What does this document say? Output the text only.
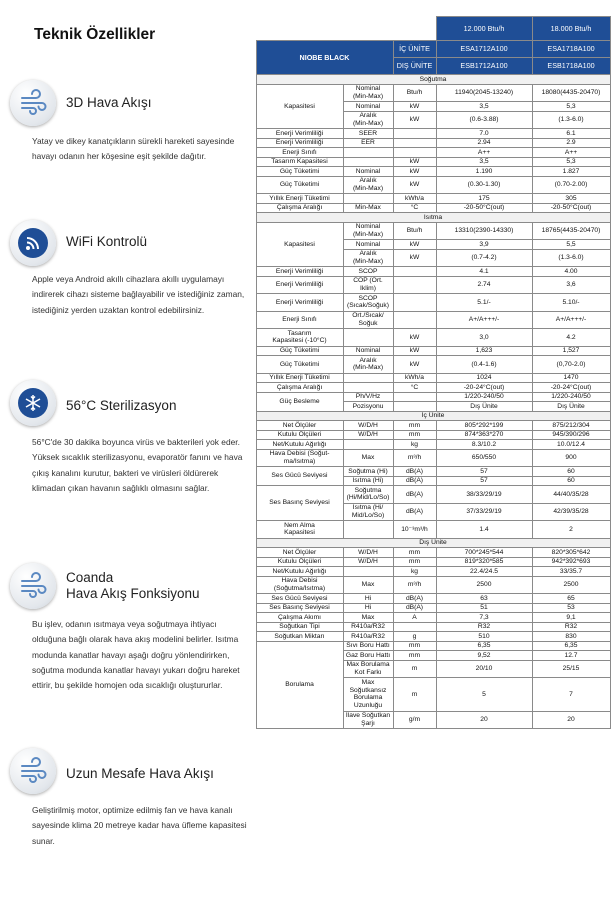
Teknik Özellikler
3D Hava Akışı
Yatay ve dikey kanatçıkların sürekli hareketi sayesinde havayı odanın her köşesine eşit şekilde dağıtır.
WiFi Kontrolü
Apple veya Android akıllı cihazlara akıllı uygulamayı indirerek cihazı sisteme bağlayabilir ve istediğiniz zaman, istediğiniz yerden uzaktan kontrol edebilirsiniz.
56°C Sterilizasyon
56°C'de 30 dakika boyunca virüs ve bakterileri yok eder. Yüksek sıcaklık sterilizasyonu, evaporatör fanını ve hava çıkış kanalını kurutur, bakteri ve virüsleri öldürerek klimadan çıkan havanın sağlıklı olmasını sağlar.
Coanda
Hava Akış Fonksiyonu
Bu işlev, odanın ısıtmaya veya soğutmaya ihtiyacı olduğuna bağlı olarak hava akış modelini belirler. Isıtma modunda kanatlar havayı aşağı doğru yönlendirirken, soğutma modunda kanatlar havayı yukarı doğru hareket ettirir, bu şekilde homojen oda sıcaklığı oluştururlar.
Uzun Mesafe Hava Akışı
Geliştirilmiş motor, optimize edilmiş fan ve hava kanalı sayesinde klima 20 metreye kadar hava üfleme kapasitesi sunar.
			12.000 Btu/h	18.000 Btu/h
	NIOBE BLACK		İÇ ÜNİTE	ESA1712A100	ESA1718A100
		DIŞ ÜNİTE	ESB1712A100	ESB1718A100
	Soğutma				
	Kapasitesi	Nominal
(Min-Max)	Btu/h	11940(2045-13240)	18080(4435-20470)
	Nominal	kW	3,5	5,3
	Aralık
(Min-Max)	kW	(0.6-3.88)	(1.3-6.0)
	Enerji Verimliliği	SEER		7.0	6.1
	Enerji Verimliliği	EER		2.94	2.9
	Enerji Sınıfı			A++	A++
	Tasarım Kapasitesi		kW	3,5	5,3
	Güç Tüketimi	Nominal	kW	1.190	1.827
	Güç Tüketimi	Aralık
(Min-Max)	kW	(0.30-1.30)	(0.70-2.00)
	Yıllık Enerji Tüketimi		kWh/a	175	305
	Çalışma Aralığı	Min-Max	°C	-20-50°C(out)	-20-50°C(out)
	Isıtma				
	Kapasitesi	Nominal
(Min-Max)	Btu/h	13310(2390-14330)	18765(4435-20470)
	Nominal	kW	3,9	5,5
	Aralık
(Min-Max)	kW	(0.7-4.2)	(1.3-6.0)
	Enerji Verimliliği	SCOP		4.1	4.00
	Enerji Verimliliği	COP (Ort.
Iklim)		2.74	3,6
	Enerji Verimliliği	SCOP
(Sıcak/Soğuk)		5.1/-	5.10/-
	Enerji Sınıfı	Ort./Sıcak/
Soğuk		A+/A+++/-	A+/A+++/-
	Tasarım
Kapasitesi (-10°C)		kW	3,0	4.2
	Güç Tüketimi	Nominal	kW	1,623	1,527
	Güç Tüketimi	Aralık
(Min-Max)	kW	(0.4-1.6)	(0,70-2.0)
	Yıllık Enerji Tüketimi		kWh/a	1024	1470
	Çalışma Aralığı		°C	-20-24°C(out)	-20-24°C(out)
	Güç Besleme	Ph/V/Hz		1/220-240/50	1/220-240/50
	Pozisyonu		Dış Ünite	Dış Ünite
	İç Ünite				
	Net Ölçüler	W/D/H	mm	805*292*199	875/212/304
	Kutulu Ölçüleri	W/D/H	mm	874*363*270	945/390/296
	Net/Kutulu Ağırlığı		kg	8.3/10.2	10.0/12.4
	Hava Debisi (Soğut-
ma/Isıtma)	Max	m³/h	650/550	900
	Ses Gücü Seviyesi	Soğutma (Hi)	dB(A)	57	60
	Isıtma (Hi)	dB(A)	57	60
	Ses Basınç Seviyesi	Soğutma
(Hi/Mid/Lo/So)	dB(A)	38/33/29/19	44/40/35/28
	Isıtma (Hi/
Mid/Lo/So)	dB(A)	37/33/29/19	42/39/35/28
	Nem Alma
Kapasitesi		10⁻³m³/h	1.4	2
	Dış Ünite				
	Net Ölçüler	W/D/H	mm	700*245*544	820*305*642
	Kutulu Ölçüleri	W/D/H	mm	819*320*585	942*392*693
	Net/Kutulu Ağırlığı		kg	22.4/24.5	33/35.7
	Hava Debisi
(Soğutma/Isıtma)	Max	m³/h	2500	2500
	Ses Gücü Seviyesi	Hi	dB(A)	63	65
	Ses Basınç Seviyesi	Hi	dB(A)	51	53
	Çalışma Akımı	Max	A	7,3	9,1
	Soğutkan Tipi	R410a/R32		R32	R32
	Soğutkan Miktarı	R410a/R32	g	510	830
	Borulama	Sıvı Boru Hattı	mm	6,35	6,35
	Gaz Boru Hattı	mm	9,52	12.7
	Max Borulama
Kot Farkı	m	20/10	25/15
	Max
Soğutkansız
Borulama
Uzunluğu	m	5	7
	İlave Soğutkan
Şarjı	g/m	20	20
